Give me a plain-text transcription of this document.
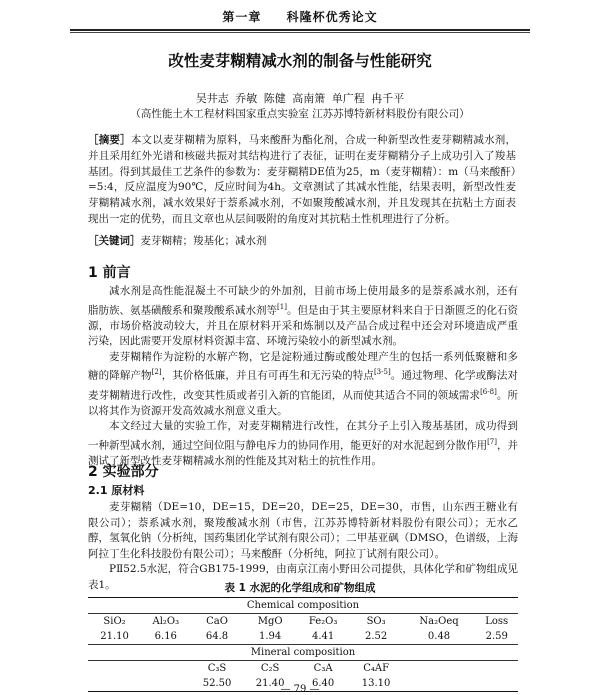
第一章 科隆杯优秀论文
改性麦芽糊精减水剂的制备与性能研究
吴井志 乔敏 陈健 高南箫 单广程 冉千平
（高性能土木工程材料国家重点实验室 江苏苏博特新材料股份有限公司）
［摘要］本文以麦芽糊精为原料，马来酸酐为酯化剂，合成一种新型改性麦芽糊精减水剂，并且采用红外光谱和核磁共振对其结构进行了表征，证明在麦芽糊精分子上成功引入了羧基基团。得到其最佳工艺条件的参数为：麦芽糊精DE值为25，m（麦芽糊精）：m（马来酸酐）=5:4，反应温度为90℃，反应时间为4h。文章测试了其减水性能，结果表明，新型改性麦芽糊精减水剂，减水效果好于萘系减水剂，不如聚羧酸减水剂，并且发现其在抗粘土方面表现出一定的优势，而且文章也从层间吸附的角度对其抗粘土性机理进行了分析。
［关键词］麦芽糊精；羧基化；减水剂
1 前言

减水剂是高性能混凝土不可缺少的外加剂，目前市场上使用最多的是萘系减水剂，还有脂肪族、氨基磺酸系和聚羧酸系减水剂等[1]。但是由于其主要原材料来自于日渐匮乏的化石资源，市场价格波动较大，并且在原材料开采和炼制以及产品合成过程中还会对环境造成严重污染，因此需要开发原材料资源丰富、环境污染较小的新型减水剂。

麦芽糊精作为淀粉的水解产物，它是淀粉通过酶或酸处理产生的包括一系列低聚糖和多糖的降解产物[2]，其价格低廉，并且有可再生和无污染的特点[3-5]。通过物理、化学或酶法对麦芽糊精进行改性，改变其性质或者引入新的官能团，从而使其适合不同的领域需求[6-8]。所以将其作为资源开发高效减水剂意义重大。

本文经过大量的实验工作，对麦芽糊精进行改性，在其分子上引入羧基基团，成功得到一种新型减水剂，通过空间位阻与静电斥力的协同作用，能更好的对水泥起到分散作用[7]，并测试了新型改性麦芽糊精减水剂的性能及其对粘土的抗性作用。

2 实验部分
2.1 原材料

麦芽糊精（DE=10，DE=15，DE=20，DE=25，DE=30，市售，山东西王糖业有限公司）；萘系减水剂，聚羧酸减水剂（市售，江苏苏博特新材料股份有限公司）；无水乙醇，氢氧化钠（分析纯，国药集团化学试剂有限公司）；二甲基亚砜（DMSO，色谱级，上海阿拉丁生化科技股份有限公司）；马来酸酐（分析纯，阿拉丁试剂有限公司）。

PⅡ52.5水泥，符合GB175-1999，由南京江南小野田公司提供，具体化学和矿物组成见表1。	表 1 水泥的化学组成和矿物组成
Chemical composition							
SiO₂	Al₂O₃	CaO	MgO	Fe₂O₃	SO₃	Na₂Oeq	Loss
21.10	6.16	64.8	1.94	4.41	2.52	0.48	2.59
Mineral composition							
		C₃S	C₂S	C₃A	C₄AF		
		52.50	21.40	6.40	13.10		
— 79 —
